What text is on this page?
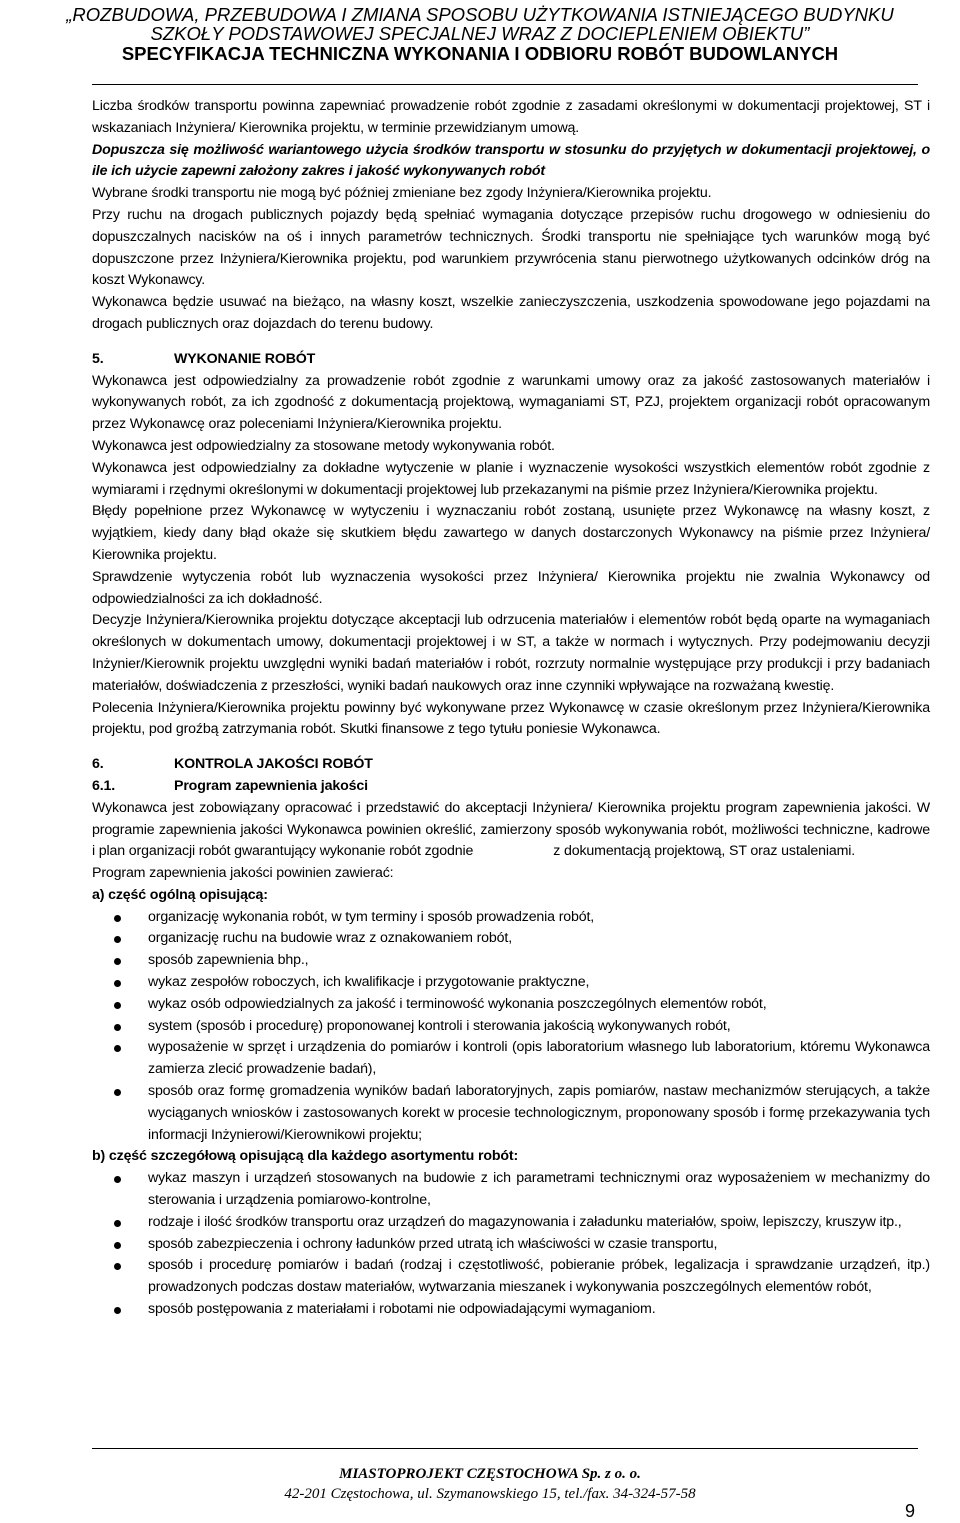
„ROZBUDOWA, PRZEBUDOWA I ZMIANA SPOSOBU UŻYTKOWANIA ISTNIEJĄCEGO BUDYNKU
SZKOŁY PODSTAWOWEJ SPECJALNEJ WRAZ Z DOCIEPLENIEM OBIEKTU”
SPECYFIKACJA TECHNICZNA WYKONANIA I ODBIORU ROBÓT BUDOWLANYCH

Liczba środków transportu powinna zapewniać prowadzenie robót zgodnie z zasadami określonymi w dokumentacji projektowej, ST i wskazaniach Inżyniera/ Kierownika projektu, w terminie przewidzianym umową.

Dopuszcza się możliwość wariantowego użycia środków transportu w stosunku do przyjętych w dokumentacji projektowej, o ile ich użycie zapewni założony zakres i jakość wykonywanych robót

Wybrane środki transportu nie mogą być później zmieniane bez zgody Inżyniera/Kierownika projektu.

Przy ruchu na drogach publicznych pojazdy będą spełniać wymagania dotyczące przepisów ruchu drogowego w odniesieniu do dopuszczalnych nacisków na oś i innych parametrów technicznych. Środki transportu nie spełniające tych warunków mogą być dopuszczone przez Inżyniera/Kierownika projektu, pod warunkiem przywrócenia stanu pierwotnego użytkowanych odcinków dróg na koszt Wykonawcy.

Wykonawca będzie usuwać na bieżąco, na własny koszt, wszelkie zanieczyszczenia, uszkodzenia spowodowane jego pojazdami na drogach publicznych oraz dojazdach do terenu budowy.

5.	WYKONANIE ROBÓT

Wykonawca jest odpowiedzialny za prowadzenie robót zgodnie z warunkami umowy oraz za jakość zastosowanych materiałów i wykonywanych robót, za ich zgodność z dokumentacją projektową, wymaganiami ST, PZJ, projektem organizacji robót opracowanym przez Wykonawcę oraz poleceniami Inżyniera/Kierownika projektu.

Wykonawca jest odpowiedzialny za stosowane metody wykonywania robót.

Wykonawca jest odpowiedzialny za dokładne wytyczenie w planie i wyznaczenie wysokości wszystkich elementów robót zgodnie z wymiarami i rzędnymi określonymi w dokumentacji projektowej lub przekazanymi na piśmie przez Inżyniera/Kierownika projektu.

Błędy popełnione przez Wykonawcę w wytyczeniu i wyznaczaniu robót zostaną, usunięte przez Wykonawcę na własny koszt, z wyjątkiem, kiedy dany błąd okaże się skutkiem błędu zawartego w danych dostarczonych Wykonawcy na piśmie przez Inżyniera/ Kierownika projektu.

Sprawdzenie wytyczenia robót lub wyznaczenia wysokości przez Inżyniera/ Kierownika projektu nie zwalnia Wykonawcy od odpowiedzialności za ich dokładność.

Decyzje Inżyniera/Kierownika projektu dotyczące akceptacji lub odrzucenia materiałów i elementów robót będą oparte na wymaganiach określonych w dokumentach umowy, dokumentacji projektowej i w ST, a także w normach i wytycznych. Przy podejmowaniu decyzji Inżynier/Kierownik projektu uwzględni wyniki badań materiałów i robót, rozrzuty normalnie występujące przy produkcji i przy badaniach materiałów, doświadczenia z przeszłości, wyniki badań naukowych oraz inne czynniki wpływające na rozważaną kwestię.

Polecenia Inżyniera/Kierownika projektu powinny być wykonywane przez Wykonawcę w czasie określonym przez Inżyniera/Kierownika projektu, pod groźbą zatrzymania robót. Skutki finansowe z tego tytułu poniesie Wykonawca.

6.	KONTROLA JAKOŚCI ROBÓT
6.1.	Program zapewnienia jakości

Wykonawca jest zobowiązany opracować i przedstawić do akceptacji Inżyniera/ Kierownika projektu program zapewnienia jakości. W programie zapewnienia jakości Wykonawca powinien określić, zamierzony sposób wykonywania robót, możliwości techniczne, kadrowe i plan organizacji robót gwarantujący wykonanie robót zgodnie	z dokumentacją projektową, ST oraz ustaleniami.

Program zapewnienia jakości powinien zawierać:

a) część ogólną opisującą:
organizację wykonania robót, w tym terminy i sposób prowadzenia robót,
organizację ruchu na budowie wraz z oznakowaniem robót,
sposób zapewnienia bhp.,
wykaz zespołów roboczych, ich kwalifikacje i przygotowanie praktyczne,
wykaz osób odpowiedzialnych za jakość i terminowość wykonania poszczególnych elementów robót,
system (sposób i procedurę) proponowanej kontroli i sterowania jakością wykonywanych robót,
wyposażenie w sprzęt i urządzenia do pomiarów i kontroli (opis laboratorium własnego lub laboratorium, któremu Wykonawca zamierza zlecić prowadzenie badań),
sposób oraz formę gromadzenia wyników badań laboratoryjnych, zapis pomiarów, nastaw mechanizmów sterujących, a także wyciąganych wniosków i zastosowanych korekt w procesie technologicznym, proponowany sposób i formę przekazywania tych informacji Inżynierowi/Kierownikowi projektu;
b) część szczegółową opisującą dla każdego asortymentu robót:
wykaz maszyn i urządzeń stosowanych na budowie z ich parametrami technicznymi oraz wyposażeniem w mechanizmy do sterowania i urządzenia pomiarowo-kontrolne,
rodzaje i ilość środków transportu oraz urządzeń do magazynowania i załadunku materiałów, spoiw, lepiszczy, kruszyw itp.,
sposób zabezpieczenia i ochrony ładunków przed utratą ich właściwości w czasie transportu,
sposób i procedurę pomiarów i badań (rodzaj i częstotliwość, pobieranie próbek, legalizacja i sprawdzanie urządzeń, itp.) prowadzonych podczas dostaw materiałów, wytwarzania mieszanek i wykonywania poszczególnych elementów robót,
sposób postępowania z materiałami i robotami nie odpowiadającymi wymaganiom.
MIASTOPROJEKT CZĘSTOCHOWA Sp. z o. o.
42-201 Częstochowa, ul. Szymanowskiego 15, tel./fax. 34-324-57-58
9
